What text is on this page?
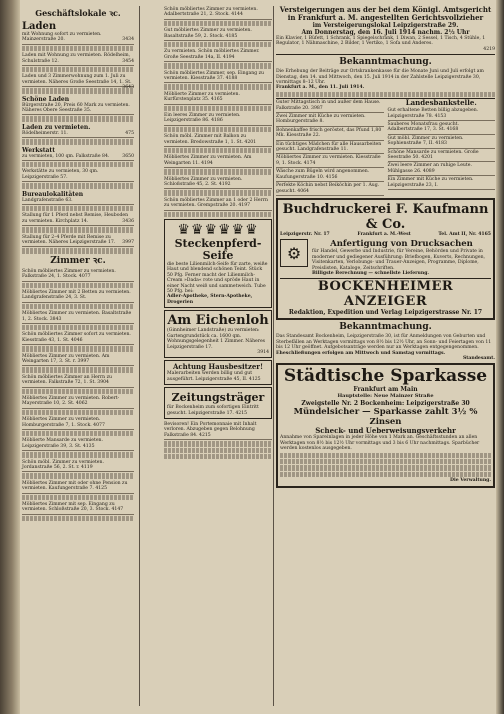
Geschäftslokale ꝛc.
Laden
mit Wohnung sofort zu vermieten. Mainzerstraße 20.	3434
Laden mit Wohnung zu vermieten. Rödelheim, Schulstraße 12.	3454
Laden und 3 Zimmerwohnung zum 1. Juli zu vermieten. Näheres Große Seestraße 14, 1. St.
3643
Schöne Laden
Bürgerstraße 20, Preis 60 Mark zu vermieten. Näheres Obere Seestraße 35.
Laden zu vermieten.
Rödelheimerstr. 11.	475
Werkstatt
zu vermieten, 100 qm. Falkstraße 84.	3650
Werkstätte zu vermieten, 30 qm. Leipzigerstraße 57.
Bureaulokalitäten
Landgrafenstraße 63.
Stallung für 1 Pferd nebst Remise, Heuboden zu vermieten. Kirchplatz 14.	3436
Stallung für 2–4 Pferde mit Remise zu vermieten. Näheres Leipzigerstraße 17. 3997
Zimmer ꝛc.
Schön möbliertes Zimmer zu vermieten. Falkstraße 24, 1. Stock. 4077
Möbliertes Zimmer mit 2 Betten zu vermieten. Landgrafenstraße 24, 3. St.
Möbliertes Zimmer zu vermieten. Basaltstraße 1, 2. Stock. 3843
Schön möbliertes Zimmer sofort zu vermieten. Kiesstraße 43, 1. St. 4046
Möbliertes Zimmer zu vermieten. Am Weingarten 17, 3. St. r. 3997
Schön möbliertes Zimmer an Herrn zu vermieten. Falkstraße 72, 1. St. 3904
Möbliertes Zimmer zu vermieten. Robert-Mayerstraße 10, 2. St. 4062
Möbliertes Zimmer zu vermieten. Homburgerstraße 7, 1. Stock. 4077
Möblierte Mansarde zu vermieten. Leipzigerstraße 39, 3. St. 4135
Schön möbl. Zimmer zu vermieten. Jordanstraße 56, 2. St. r. 4119
Möbliertes Zimmer mit oder ohne Pension zu vermieten. Kaufungerstraße 7. 4125
Möbliertes Zimmer mit sep. Eingang zu vermieten. Schloßstraße 20, 3. Stock. 4147
Schön möbliertes Zimmer zu vermieten. Adalbertstraße 21, 2. Stock. 4144
Gut möbliertes Zimmer zu vermieten. Basaltstraße 59, 2. Stock. 4185
Zu vermieten. Schön möbliertes Zimmer. Große Seestraße 14a, II. 4194
Schön möbliertes Zimmer, sep. Eingang zu vermieten. Kiesstraße 37. 4188
Möblierte Zimmer zu vermieten. Kurfürstenplatz 35. 4165
Ein leeres Zimmer zu vermieten. Leipzigerstraße 86. 4186
Schön möbl. Zimmer mit Balkon zu vermieten. Bredowstraße 1, 1. St. 4201
Möbliertes Zimmer zu vermieten. Am Weingarten 11. 4194
Möbliertes Zimmer zu vermieten. Schloßstraße 45, 2. St. 4192
Schön möbliertes Zimmer an 1 oder 2 Herrn zu vermieten. Grempstraße 20. 4197
♛♛♛♛♛♛
Steckenpferd-Seife
die beste Lilienmilch-Seife für zarte, weiße Haut und blendend schönen Teint. Stück 50 Pfg. Ferner macht der Lilienmilch-Cream »Dada« rote und spröde Haut in einer Nacht weiß und sammetweich. Tube 50 Pfg. bei:
Adler-Apotheke, Stern-Apotheke, Drogerien
Am Eichenloh
(Ginnheimer Landstraße) zu vermieten: Gartengrundstück ca. 1600 qm. Wohnungsgelegenheit 1 Zimmer. Näheres Leipzigerstraße 17.
3914
Achtung Hausbesitzer!
Malerarbeiten werden billig und gut ausgeführt. Leipzigerstraße 45, II. 4125
Zeitungsträger
für Bockenheim zum sofortigen Eintritt gesucht. Leipzigerstraße 17. 4215
Bevisoren! Ein Portemonnaie mit Inhalt verloren. Abzugeben gegen Belohnung Falkstraße 84. 4215
Versteigerungen aus der bei dem Königl. Amtsgericht in Frankfurt a. M. angestellten Gerichtsvollzieher
im Versteigerungslokal Leipzigerstraße 29.
Am Donnerstag, den 16. Juli 1914 nachm. 2½ Uhr
Ein Klavier, 1 Büfett, 1 Schrank, 1 Spiegelschrank, 1 Diwan, 2 Sessel, 1 Tisch, 4 Stühle, 1 Regulator, 1 Nähmaschine, 2 Bilder, 1 Vertiko, 1 Sofa und Anderes.
4219
Bekanntmachung.
Die Erhebung der Beiträge zur Ortskrankenkasse für die Monate Juni und Juli erfolgt am Dienstag, den 14. und Mittwoch, den 15. Juli 1914 in der Zahlstelle Leipzigerstraße 30, vormittags 8–12 Uhr.
Frankfurt a. M., den 11. Juli 1914.
Guter Mittagstisch in und außer dem Hause. Falkstraße 20. 3987
Zwei Zimmer mit Küche zu vermieten. Homburgerstraße 8.
Bohnenkaffee frisch geröstet, das Pfund 1,80 Mk. Kiesstraße 22.
Ein tüchtiges Mädchen für alle Hausarbeiten gesucht. Landgrafenstraße 11.
Möbliertes Zimmer zu vermieten. Kiesstraße 9, 1. Stock. 4174
Wäsche zum Bügeln wird angenommen. Kaufungerstraße 10. 4156
Perfekte Köchin nebst Beiköchin per 1. Aug. gesucht. 4064
Landesbankstelle.
Gut erhaltene Betten billig abzugeben. Leipzigerstraße 78. 4153
Sauberes Monatsfrau gesucht. Adalbertstraße 17, 3. St. 4168
Gut möbl. Zimmer zu vermieten. Sophienstraße 7, II. 4183
Schöne Mansarde zu vermieten. Große Seestraße 50. 4201
Zwei leere Zimmer an ruhige Leute. Mühlgasse 26. 4089
Ein Zimmer mit Küche zu vermieten. Leipzigerstraße 23, I.
Buchdruckerei F. Kaufmann & Co.
Leipzigerstr. Nr. 17	Frankfurt a. M.-West	Tel. Amt II, Nr. 4165
⚙	Anfertigung von Drucksachen
für Handel, Gewerbe und Industrie, für Vereine, Behörden und Private in moderner und gediegener Ausführung: Briefbogen, Kuverts, Rechnungen, Visitenkarten, Verlobungs- und Trauer-Anzeigen, Programme, Diplome, Preislisten, Kataloge, Zeitschriften.
Billigste Berechnung — schnellste Lieferung.
BOCKENHEIMER ANZEIGER
Redaktion, Expedition und Verlag Leipzigerstrasse Nr. 17
Bekanntmachung.
Das Standesamt Bockenheim, Leipzigerstraße 30, ist für Anmeldungen von Geburten und Sterbefällen an Werktagen vormittags von 8½ bis 12½ Uhr, an Sonn- und Feiertagen von 11 bis 12 Uhr geöffnet. Aufgebotsanträge werden nur an Werktagen entgegengenommen.
Eheschließungen erfolgen am Mittwoch und Samstag vormittags.
Standesamt.
Städtische Sparkasse
Frankfurt am Main
Hauptstelle: Neue Mainzer Straße
Zweigstelle Nr. 2 Bockenheim: Leipzigerstraße 30
Mündelsicher — Sparkasse zahlt 3½ % Zinsen
Scheck- und Ueberweisungsverkehr
Annahme von Spareinlagen in jeder Höhe von 1 Mark an. Geschäftsstunden an allen Werktagen von 8½ bis 12½ Uhr vormittags und 3 bis 6 Uhr nachmittags. Sparbücher werden kostenlos ausgegeben.
Die Verwaltung.
